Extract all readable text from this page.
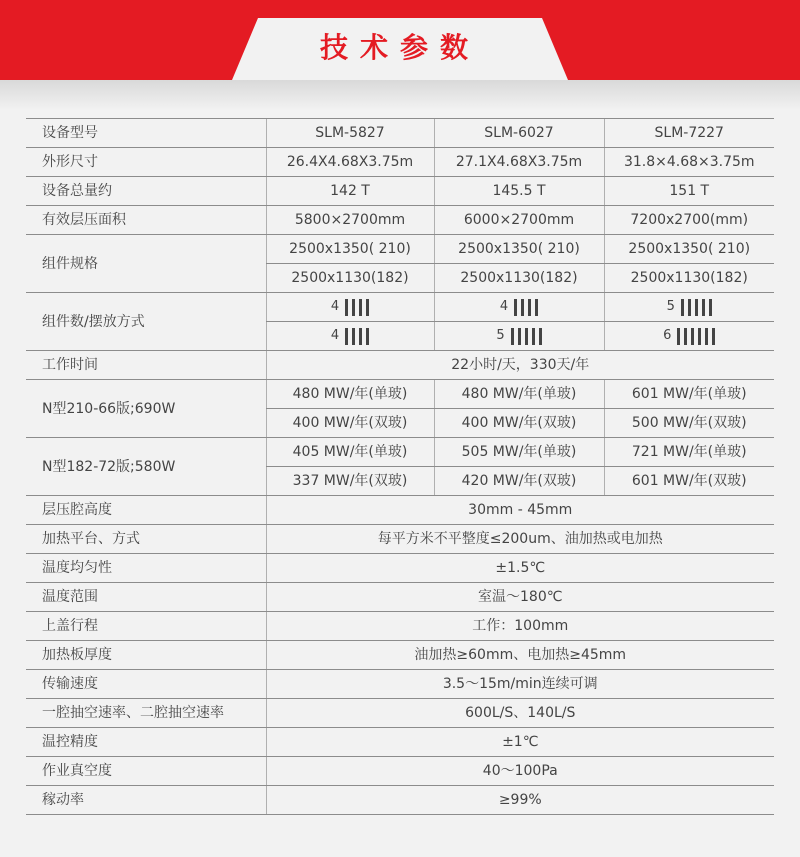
技术参数
设备型号	SLM-5827	SLM-6027	SLM-7227
外形尺寸	26.4X4.68X3.75m	27.1X4.68X3.75m	31.8×4.68×3.75m
设备总量约	142 T	145.5 T	151 T
有效层压面积	5800×2700mm	6000×2700mm	7200x2700(mm)
组件规格	2500x1350( 210)	2500x1350( 210)	2500x1350( 210)
	2500x1130(182)	2500x1130(182)	2500x1130(182)
组件数/摆放方式	4	4	5

	4	5	6

工作时间	22小时/天，330天/年		
N型210-66版;690W	480 MW/年(单玻)	480 MW/年(单玻)	601 MW/年(单玻)
	400 MW/年(双玻)	400 MW/年(双玻)	500 MW/年(双玻)
N型182-72版;580W	405 MW/年(单玻)	505 MW/年(单玻)	721 MW/年(单玻)
	337 MW/年(双玻)	420 MW/年(双玻)	601 MW/年(双玻)
层压腔高度	30mm - 45mm		
加热平台、方式	每平方米不平整度≤200um、油加热或电加热		
温度均匀性	±1.5℃		
温度范围	室温～180℃		
上盖行程	工作：100mm		
加热板厚度	油加热≥60mm、电加热≥45mm		
传输速度	3.5～15m/min连续可调		
一腔抽空速率、二腔抽空速率	600L/S、140L/S		
温控精度	±1℃		
作业真空度	40～100Pa		
稼动率	≥99%		
